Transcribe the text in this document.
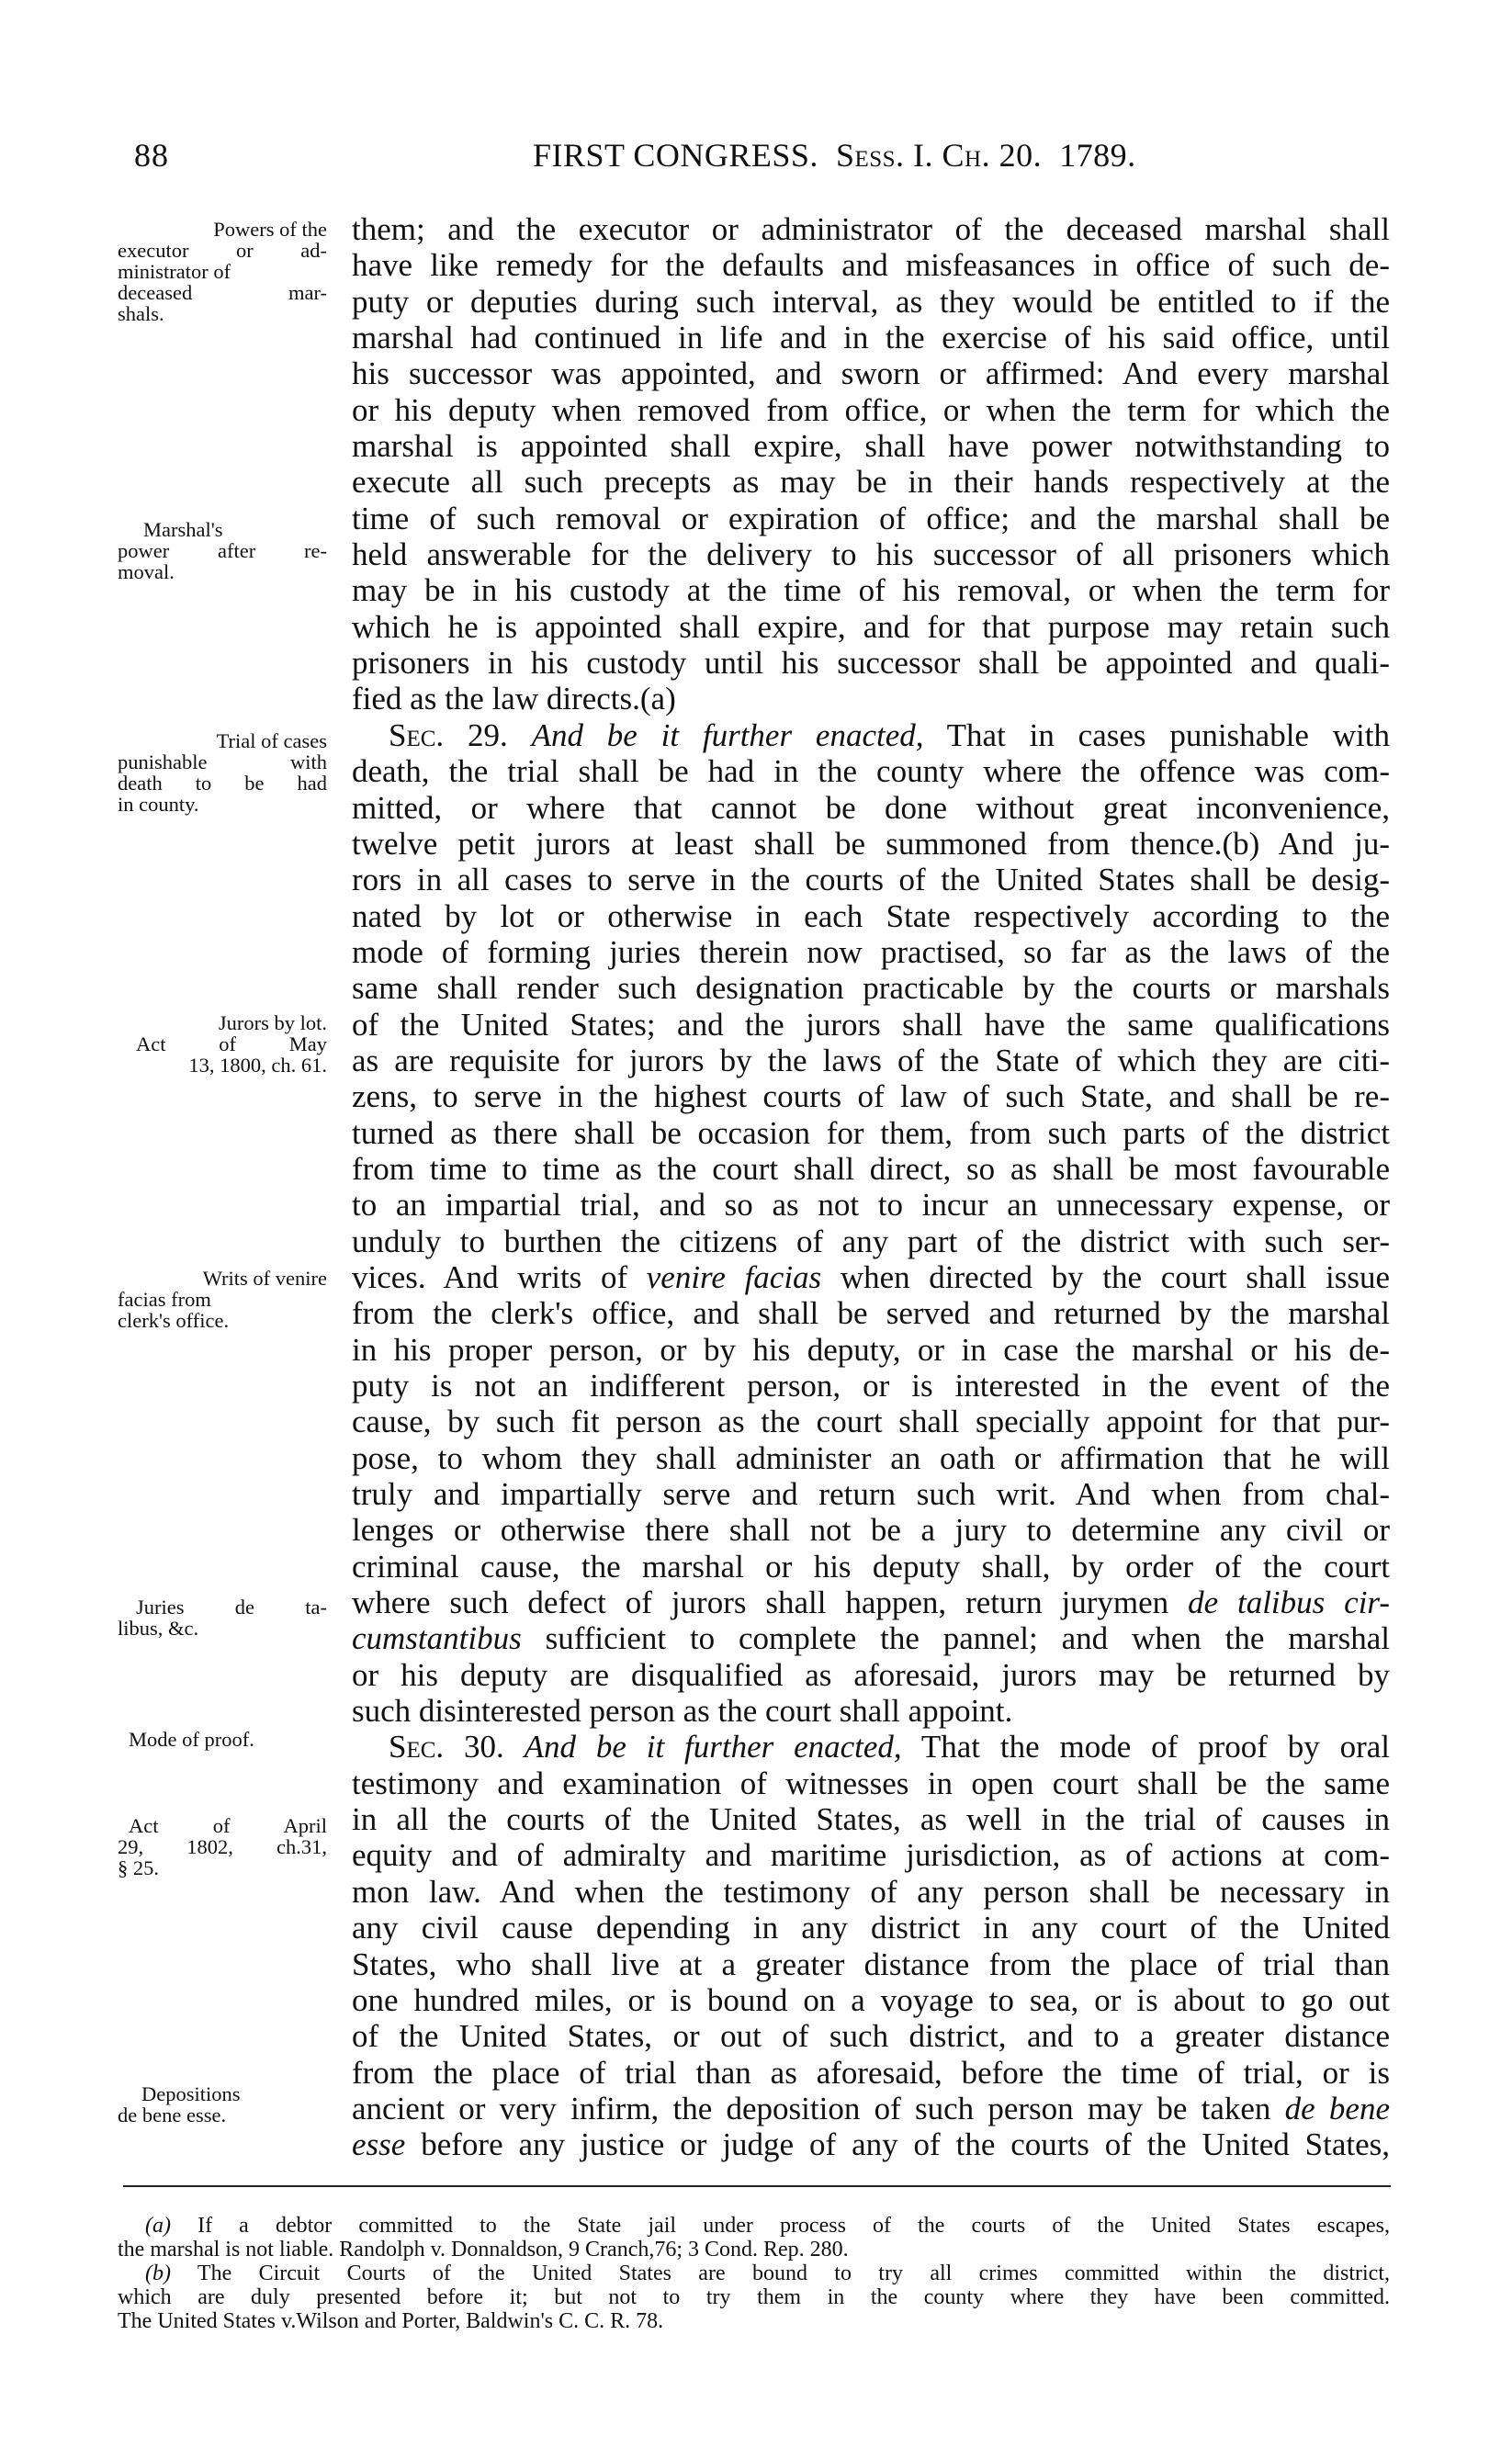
88	FIRST CONGRESS. Sess. I. Ch. 20. 1789.
Powers of the
executor or ad-
ministrator of
deceased mar-
shals.
Marshal's
power after re-
moval.
Trial of cases
punishable with
death to be had
in county.
Jurors by lot.
Act of May
13, 1800, ch. 61.
Writs of venire
facias from
clerk's office.
Juries de ta-
libus, &c.
Mode of proof.
Act of April
29, 1802, ch.31,
§ 25.
Depositions
de bene esse.
them; and the executor or administrator of the deceased marshal shall
have like remedy for the defaults and misfeasances in office of such de-
puty or deputies during such interval, as they would be entitled to if the
marshal had continued in life and in the exercise of his said office, until
his successor was appointed, and sworn or affirmed: And every marshal
or his deputy when removed from office, or when the term for which the
marshal is appointed shall expire, shall have power notwithstanding to
execute all such precepts as may be in their hands respectively at the
time of such removal or expiration of office; and the marshal shall be
held answerable for the delivery to his successor of all prisoners which
may be in his custody at the time of his removal, or when the term for
which he is appointed shall expire, and for that purpose may retain such
prisoners in his custody until his successor shall be appointed and quali-
fied as the law directs.(a)
Sec. 29. And be it further enacted, That in cases punishable with
death, the trial shall be had in the county where the offence was com-
mitted, or where that cannot be done without great inconvenience,
twelve petit jurors at least shall be summoned from thence.(b) And ju-
rors in all cases to serve in the courts of the United States shall be desig-
nated by lot or otherwise in each State respectively according to the
mode of forming juries therein now practised, so far as the laws of the
same shall render such designation practicable by the courts or marshals
of the United States; and the jurors shall have the same qualifications
as are requisite for jurors by the laws of the State of which they are citi-
zens, to serve in the highest courts of law of such State, and shall be re-
turned as there shall be occasion for them, from such parts of the district
from time to time as the court shall direct, so as shall be most favourable
to an impartial trial, and so as not to incur an unnecessary expense, or
unduly to burthen the citizens of any part of the district with such ser-
vices. And writs of venire facias when directed by the court shall issue
from the clerk's office, and shall be served and returned by the marshal
in his proper person, or by his deputy, or in case the marshal or his de-
puty is not an indifferent person, or is interested in the event of the
cause, by such fit person as the court shall specially appoint for that pur-
pose, to whom they shall administer an oath or affirmation that he will
truly and impartially serve and return such writ. And when from chal-
lenges or otherwise there shall not be a jury to determine any civil or
criminal cause, the marshal or his deputy shall, by order of the court
where such defect of jurors shall happen, return jurymen de talibus cir-
cumstantibus sufficient to complete the pannel; and when the marshal
or his deputy are disqualified as aforesaid, jurors may be returned by
such disinterested person as the court shall appoint.
Sec. 30. And be it further enacted, That the mode of proof by oral
testimony and examination of witnesses in open court shall be the same
in all the courts of the United States, as well in the trial of causes in
equity and of admiralty and maritime jurisdiction, as of actions at com-
mon law. And when the testimony of any person shall be necessary in
any civil cause depending in any district in any court of the United
States, who shall live at a greater distance from the place of trial than
one hundred miles, or is bound on a voyage to sea, or is about to go out
of the United States, or out of such district, and to a greater distance
from the place of trial than as aforesaid, before the time of trial, or is
ancient or very infirm, the deposition of such person may be taken de bene
esse before any justice or judge of any of the courts of the United States,
(a) If a debtor committed to the State jail under process of the courts of the United States escapes,
the marshal is not liable. Randolph v. Donnaldson, 9 Cranch,76; 3 Cond. Rep. 280.
(b) The Circuit Courts of the United States are bound to try all crimes committed within the district,
which are duly presented before it; but not to try them in the county where they have been committed.
The United States v.Wilson and Porter, Baldwin's C. C. R. 78.
